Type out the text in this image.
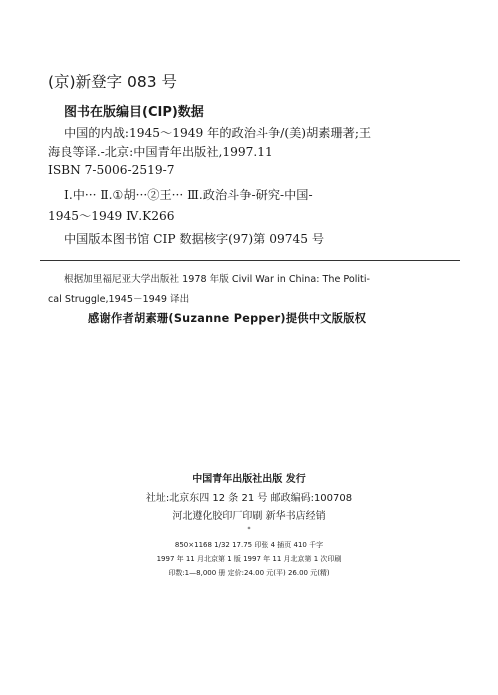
(京)新登字 083 号
图书在版编目(CIP)数据
中国的内战:1945～1949 年的政治斗争/(美)胡素珊著;王
海良等译.-北京:中国青年出版社,1997.11
ISBN 7-5006-2519-7
Ⅰ.中··· Ⅱ.①胡···②王··· Ⅲ.政治斗争-研究-中国-
1945～1949 Ⅳ.K266
中国版本图书馆 CIP 数据核字(97)第 09745 号
根据加里福尼亚大学出版社 1978 年版 Civil War in China: The Politi-
cal Struggle,1945－1949 译出
感谢作者胡素珊(Suzanne Pepper)提供中文版版权
中国青年出版社出版 发行
社址:北京东四 12 条 21 号 邮政编码:100708
河北遵化胶印厂印刷 新华书店经销
*
850×1168 1/32 17.75 印张 4 插页 410 千字
1997 年 11 月北京第 1 版 1997 年 11 月北京第 1 次印刷
印数:1—8,000 册 定价:24.00 元(平) 26.00 元(精)
